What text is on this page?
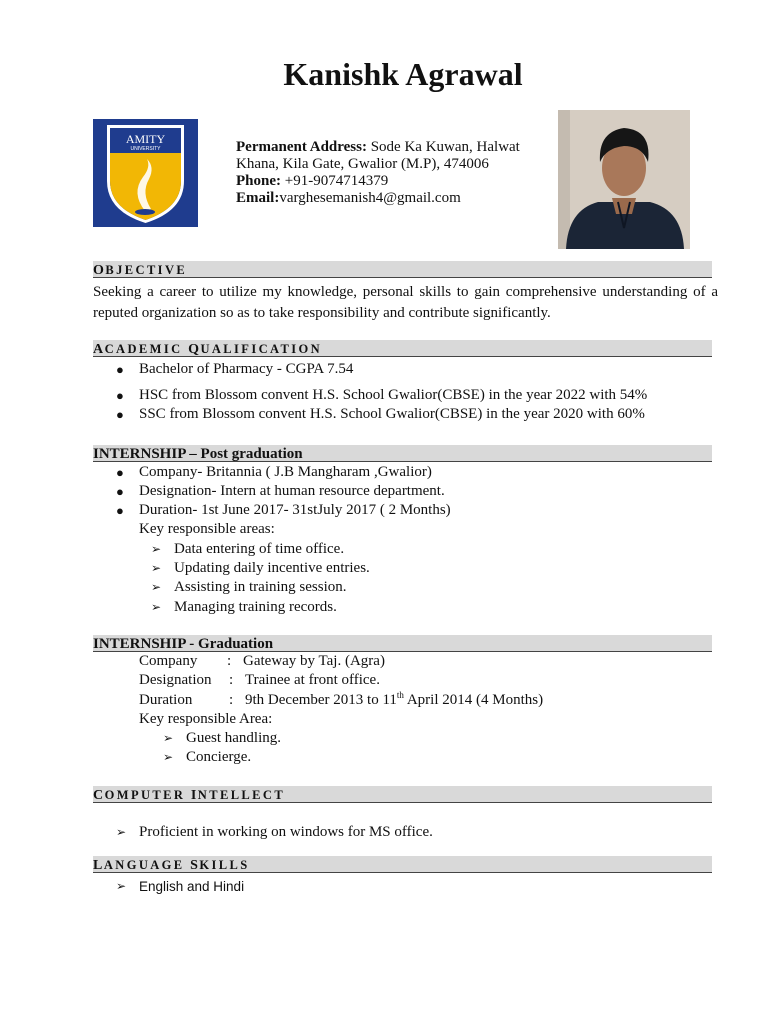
Kanishk Agrawal
AMITY
UNIVERSITY	Permanent Address: Sode Ka Kuwan, Halwat
Khana, Kila Gate, Gwalior (M.P), 474006
Phone: +91-9074714379
Email:varghesemanish4@gmail.com
OBJECTIVE
Seeking a career to utilize my knowledge, personal skills to gain comprehensive understanding of a reputed organization so as to take responsibility and contribute significantly.
ACADEMIC QUALIFICATION
● Bachelor of Pharmacy - CGPA 7.54
● HSC from Blossom convent H.S. School Gwalior(CBSE) in the year 2022 with 54%
● SSC from Blossom convent H.S. School Gwalior(CBSE) in the year 2020 with 60%
INTERNSHIP – Post graduation
● Company- Britannia ( J.B Mangharam ,Gwalior)
● Designation- Intern at human resource department.
● Duration- 1st June 2017- 31stJuly 2017 ( 2 Months)
Key responsible areas:
➢ Data entering of time office.
➢ Updating daily incentive entries.
➢ Assisting in training session.
➢ Managing training records.
INTERNSHIP - Graduation
Company : Gateway by Taj. (Agra)
Designation : Trainee at front office.
Duration : 9th December 2013 to 11th April 2014 (4 Months)
Key responsible Area:
➢ Guest handling.
➢ Concierge.
COMPUTER INTELLECT
➢ Proficient in working on windows for MS office.
LANGUAGE SKILLS
➢ English and Hindi
